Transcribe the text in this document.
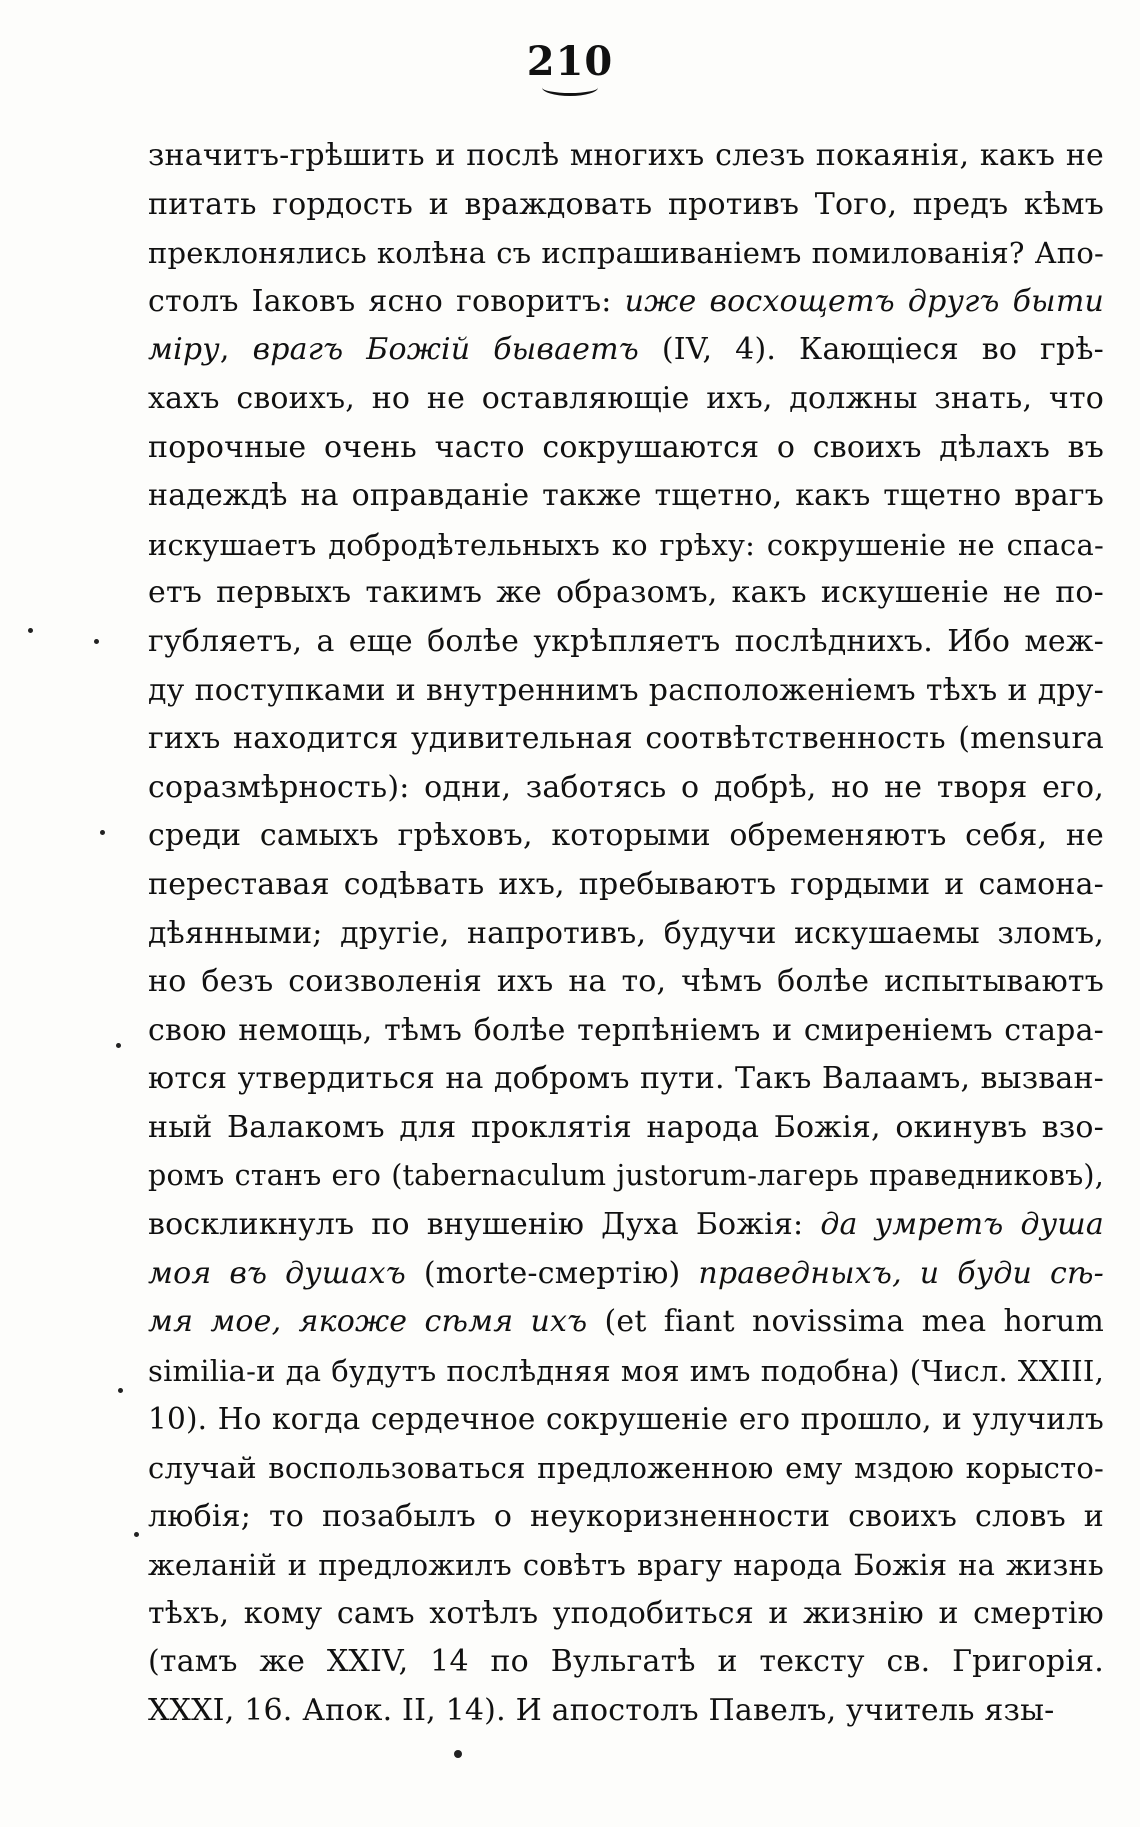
210
значитъ-грѣшить и послѣ многихъ слезъ покаянія, какъ не
питать гордость и враждовать противъ Того, предъ кѣмъ
преклонялись колѣна съ испрашиваніемъ помилованія? Апо-
столъ Іаковъ ясно говоритъ: иже восхощетъ другъ быти
міру, врагъ Божій бываетъ (IV, 4). Кающіеся во грѣ-
хахъ своихъ, но не оставляющіе ихъ, должны знать, что
порочные очень часто сокрушаются о своихъ дѣлахъ въ
надеждѣ на оправданіе также тщетно, какъ тщетно врагъ
искушаетъ добродѣтельныхъ ко грѣху: сокрушеніе не спаса-
етъ первыхъ такимъ же образомъ, какъ искушеніе не по-
губляетъ, а еще болѣе укрѣпляетъ послѣднихъ. Ибо меж-
ду поступками и внутреннимъ расположеніемъ тѣхъ и дру-
гихъ находится удивительная соотвѣтственность (mensura
соразмѣрность): одни, заботясь о добрѣ, но не творя его,
среди самыхъ грѣховъ, которыми обременяютъ себя, не
переставая содѣвать ихъ, пребываютъ гордыми и самона-
дѣянными; другіе, напротивъ, будучи искушаемы зломъ,
но безъ соизволенія ихъ на то, чѣмъ болѣе испытываютъ
свою немощь, тѣмъ болѣе терпѣніемъ и смиреніемъ стара-
ются утвердиться на добромъ пути. Такъ Валаамъ, вызван-
ный Валакомъ для проклятія народа Божія, окинувъ взо-
ромъ станъ его (tabernaculum justorum-лагерь праведниковъ),
воскликнулъ по внушенію Духа Божія: да умретъ душа
моя въ душахъ (morte-смертію) праведныхъ, и буди сѣ-
мя мое, якоже сѣмя ихъ (et fiant novissima mea horum
similia-и да будутъ послѣдняя моя имъ подобна) (Числ. XXIII,
10). Но когда сердечное сокрушеніе его прошло, и улучилъ
случай воспользоваться предложенною ему мздою корысто-
любія; то позабылъ о неукоризненности своихъ словъ и
желаній и предложилъ совѣтъ врагу народа Божія на жизнь
тѣхъ, кому самъ хотѣлъ уподобиться и жизнію и смертію
(тамъ же XXIV, 14 по Вульгатѣ и тексту св. Григорія.
XXXI, 16. Апок. II, 14). И апостолъ Павелъ, учитель язы-
